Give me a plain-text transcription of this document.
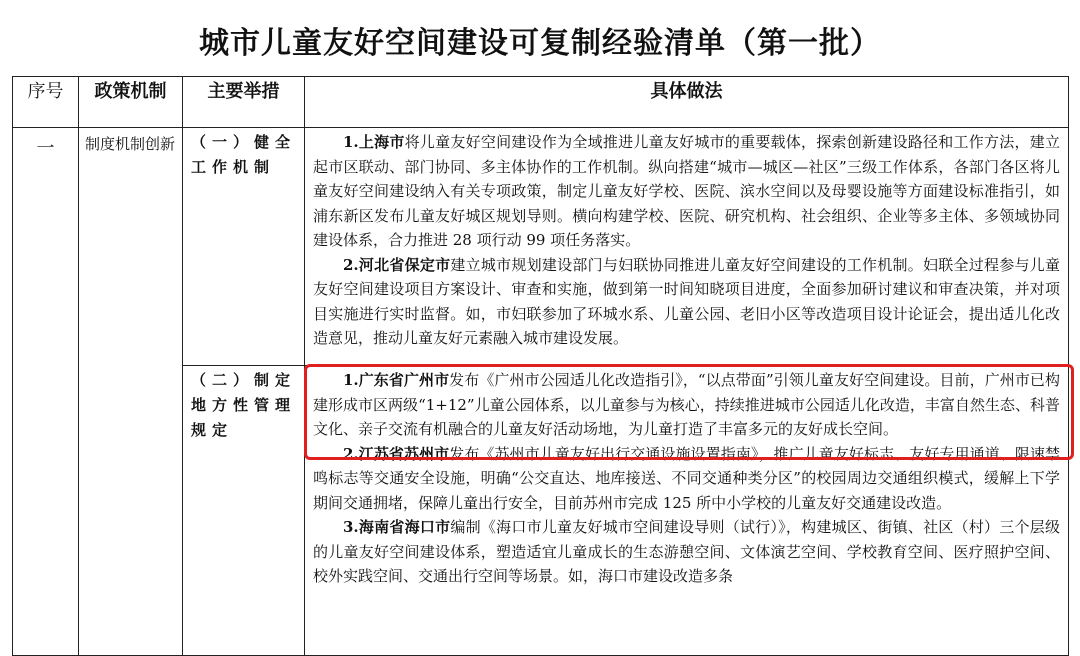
城市儿童友好空间建设可复制经验清单（第一批）
序号	政策机制	主要举措	具体做法
一	制度机制创新	（一）健全工作机制	1.上海市将儿童友好空间建设作为全域推进儿童友好城市的重要载体，探索创新建设路径和工作方法，建立起市区联动、部门协同、多主体协作的工作机制。纵向搭建“城市—城区—社区”三级工作体系，各部门各区将儿童友好空间建设纳入有关专项政策，制定儿童友好学校、医院、滨水空间以及母婴设施等方面建设标准指引，如浦东新区发布儿童友好城区规划导则。横向构建学校、医院、研究机构、社会组织、企业等多主体、多领域协同建设体系，合力推进 28 项行动 99 项任务落实。

2.河北省保定市建立城市规划建设部门与妇联协同推进儿童友好空间建设的工作机制。妇联全过程参与儿童友好空间建设项目方案设计、审查和实施，做到第一时间知晓项目进度，全面参加研讨建议和审查决策，并对项目实施进行实时监督。如，市妇联参加了环城水系、儿童公园、老旧小区等改造项目设计论证会，提出适儿化改造意见，推动儿童友好元素融入城市建设发展。

		（二）制定地方性管理规定	1.广东省广州市发布《广州市公园适儿化改造指引》，“以点带面”引领儿童友好空间建设。目前，广州市已构建形成市区两级“1+12”儿童公园体系，以儿童参与为核心，持续推进城市公园适儿化改造，丰富自然生态、科普文化、亲子交流有机融合的儿童友好活动场地，为儿童打造了丰富多元的友好成长空间。

2.江苏省苏州市发布《苏州市儿童友好出行交通设施设置指南》，推广儿童友好标志、友好专用通道、限速禁鸣标志等交通安全设施，明确“公交直达、地库接送、不同交通种类分区”的校园周边交通组织模式，缓解上下学期间交通拥堵，保障儿童出行安全，目前苏州市完成 125 所中小学校的儿童友好交通建设改造。

3.海南省海口市编制《海口市儿童友好城市空间建设导则（试行）》，构建城区、街镇、社区（村）三个层级的儿童友好空间建设体系，塑造适宜儿童成长的生态游憩空间、文体演艺空间、学校教育空间、医疗照护空间、校外实践空间、交通出行空间等场景。如，海口市建设改造多条
